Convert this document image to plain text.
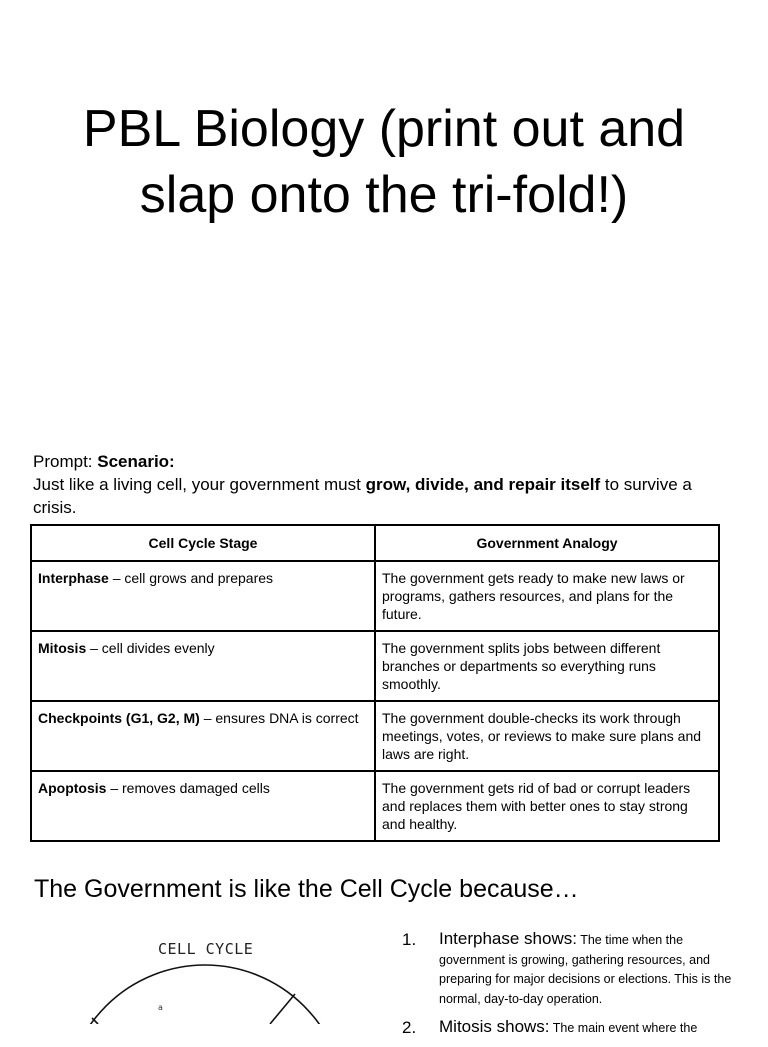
PBL Biology (print out and
slap onto the tri-fold!)
Prompt: Scenario:
Just like a living cell, your government must grow, divide, and repair itself to survive a crisis.
Cell Cycle Stage	Government Analogy
Interphase – cell grows and prepares	The government gets ready to make new laws or programs, gathers resources, and plans for the future.
Mitosis – cell divides evenly	The government splits jobs between different branches or departments so everything runs smoothly.
Checkpoints (G1, G2, M) – ensures DNA is correct	The government double-checks its work through meetings, votes, or reviews to make sure plans and laws are right.
Apoptosis – removes damaged cells	The government gets rid of bad or corrupt leaders and replaces them with better ones to stay strong and healthy.
The Government is like the Cell Cycle because…
CELL CYCLE
a
1. Interphase shows: The time when the government is growing, gathering resources, and preparing for major decisions or elections. This is the normal, day-to-day operation.
2. Mitosis shows: The main event where the
